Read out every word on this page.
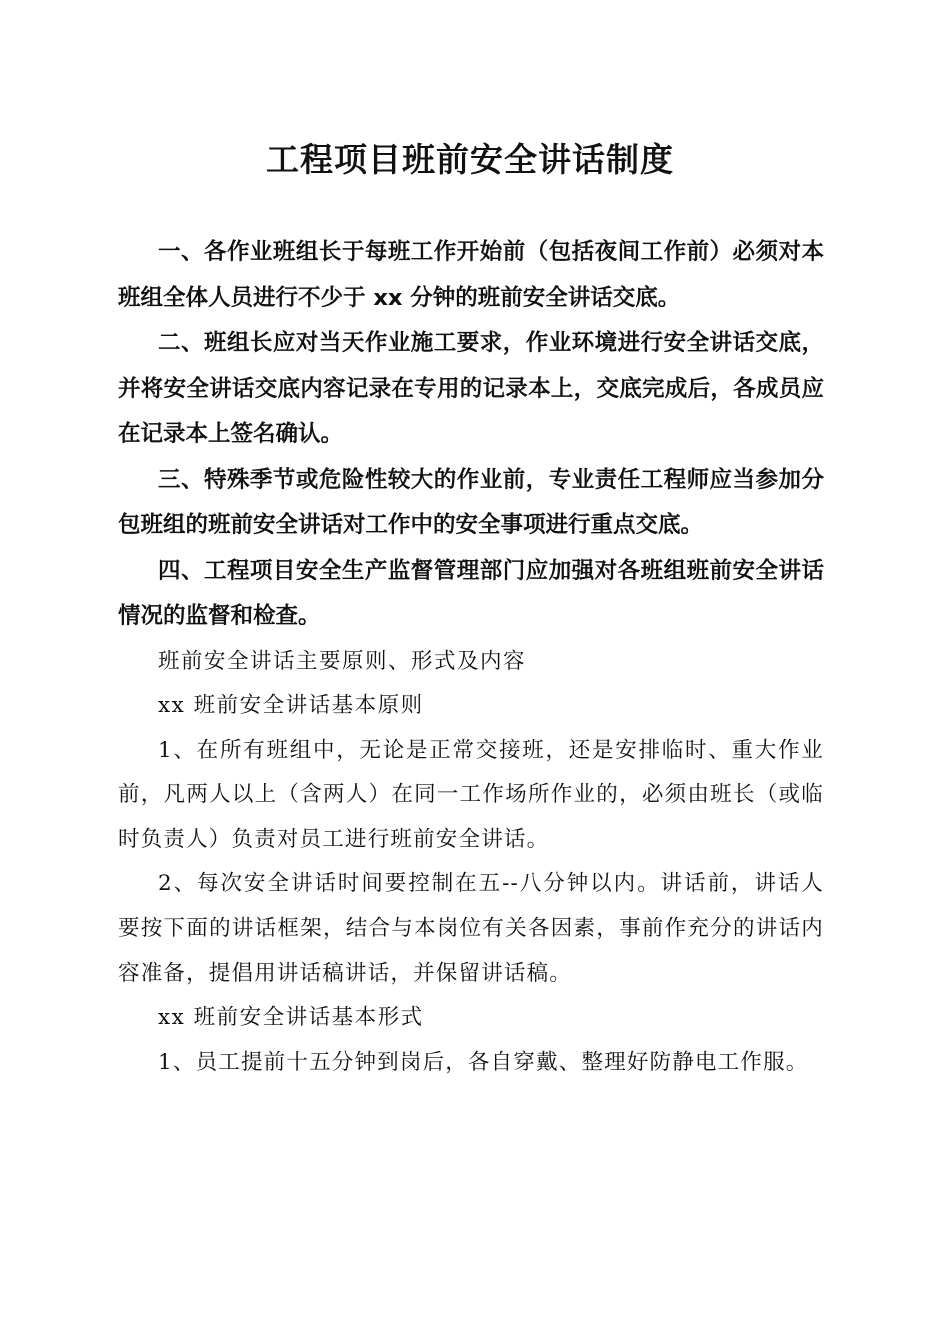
工程项目班前安全讲话制度

一、各作业班组长于每班工作开始前（包括夜间工作前）必须对本班组全体人员进行不少于 xx 分钟的班前安全讲话交底。

二、班组长应对当天作业施工要求，作业环境进行安全讲话交底，并将安全讲话交底内容记录在专用的记录本上，交底完成后，各成员应在记录本上签名确认。

三、特殊季节或危险性较大的作业前，专业责任工程师应当参加分包班组的班前安全讲话对工作中的安全事项进行重点交底。

四、工程项目安全生产监督管理部门应加强对各班组班前安全讲话情况的监督和检查。

班前安全讲话主要原则、形式及内容

xx 班前安全讲话基本原则

1、在所有班组中，无论是正常交接班，还是安排临时、重大作业前，凡两人以上（含两人）在同一工作场所作业的，必须由班长（或临时负责人）负责对员工进行班前安全讲话。

2、每次安全讲话时间要控制在五--八分钟以内。讲话前，讲话人要按下面的讲话框架，结合与本岗位有关各因素，事前作充分的讲话内容准备，提倡用讲话稿讲话，并保留讲话稿。

xx 班前安全讲话基本形式

1、员工提前十五分钟到岗后，各自穿戴、整理好防静电工作服。
